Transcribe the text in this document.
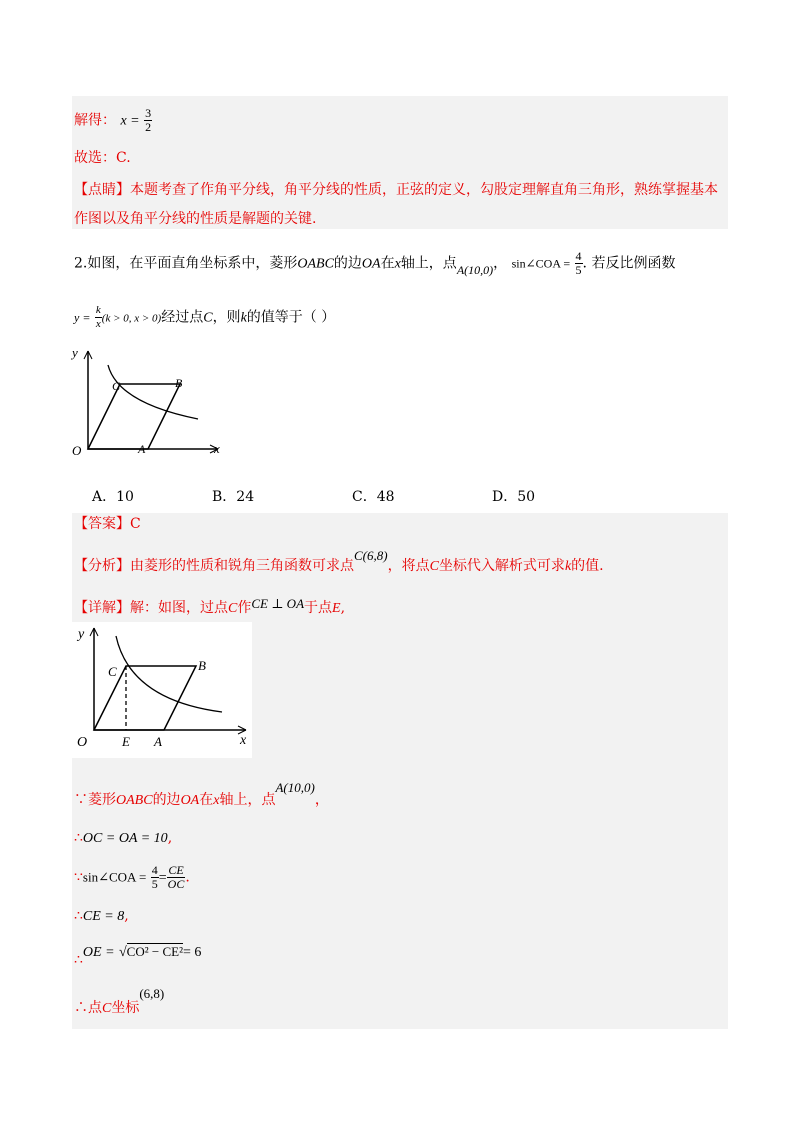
解得： $x = \frac{3}{2}$
故选：C.
【点睛】本题考查了作角平分线，角平分线的性质，正弦的定义，勾股定理解直角三角形，熟练掌握基本
作图以及角平分线的性质是解题的关键.
2.如图，在平面直角坐标系中，菱形OABC的边OA在x轴上，点A(10,0)， sin∠COA = $\frac{4}{5}$ . 若反比例函数
$y = \frac{k}{x} (k > 0$, x > 0)经过点C，则k的值等于（ ）
y
x
O	A
B
C
A．10	B．24	C．48	D．50
【答案】C
【分析】由菱形的性质和锐角三角函数可求点C(6,8)，将点C坐标代入解析式可求k的值.
【详解】解：如图，过点C作CE ⊥ OA于点E,
y
x
O	E A
B
C
∵菱形OABC的边OA在x轴上，点A(10,0)，
∴OC = OA = 10,
∵sin∠COA = $\frac{4}{5} = \frac{CE}{OC}$ .
∴CE = 8,
∴OE = √CO² − CE²= 6
∴点C坐标(6,8)
